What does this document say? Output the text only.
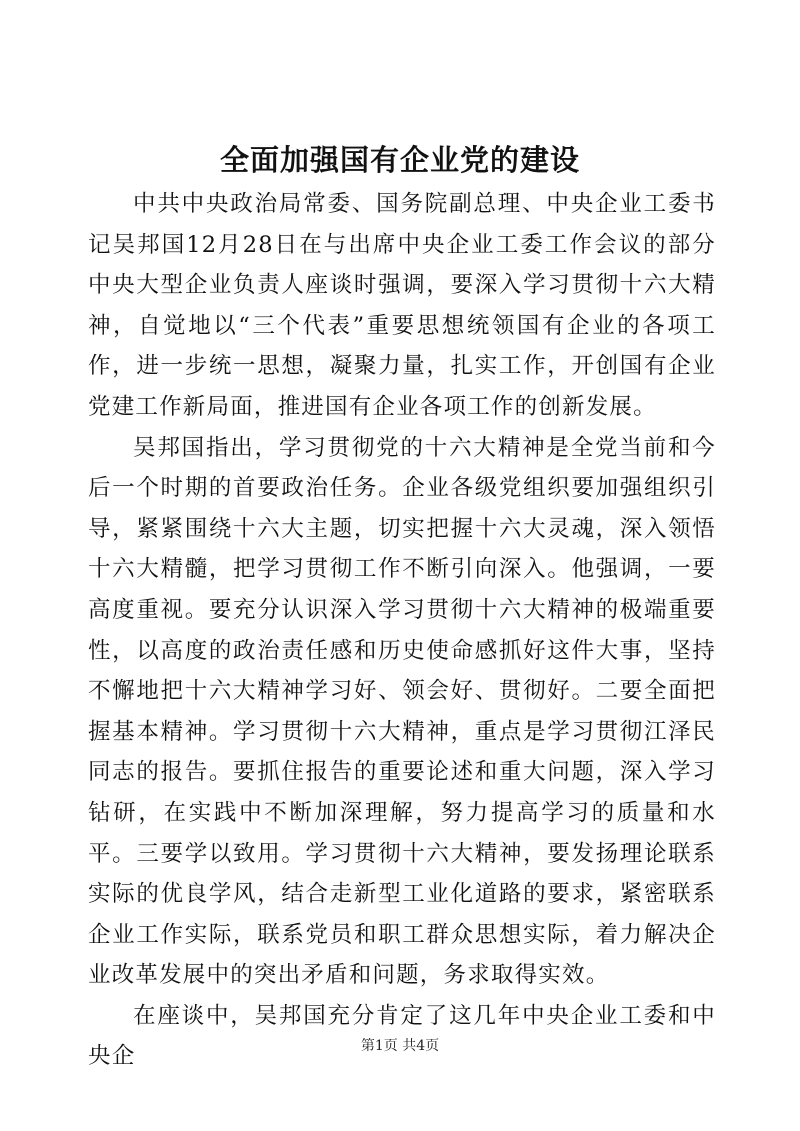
全面加强国有企业党的建设

中共中央政治局常委、国务院副总理、中央企业工委书记吴邦国12月28日在与出席中央企业工委工作会议的部分中央大型企业负责人座谈时强调，要深入学习贯彻十六大精神，自觉地以“三个代表”重要思想统领国有企业的各项工作，进一步统一思想，凝聚力量，扎实工作，开创国有企业党建工作新局面，推进国有企业各项工作的创新发展。

吴邦国指出，学习贯彻党的十六大精神是全党当前和今后一个时期的首要政治任务。企业各级党组织要加强组织引导，紧紧围绕十六大主题，切实把握十六大灵魂，深入领悟十六大精髓，把学习贯彻工作不断引向深入。他强调，一要高度重视。要充分认识深入学习贯彻十六大精神的极端重要性，以高度的政治责任感和历史使命感抓好这件大事，坚持不懈地把十六大精神学习好、领会好、贯彻好。二要全面把握基本精神。学习贯彻十六大精神，重点是学习贯彻江泽民同志的报告。要抓住报告的重要论述和重大问题，深入学习钻研，在实践中不断加深理解，努力提高学习的质量和水平。三要学以致用。学习贯彻十六大精神，要发扬理论联系实际的优良学风，结合走新型工业化道路的要求，紧密联系企业工作实际，联系党员和职工群众思想实际，着力解决企业改革发展中的突出矛盾和问题，务求取得实效。

在座谈中，吴邦国充分肯定了这几年中央企业工委和中央企	第1页 共4页
